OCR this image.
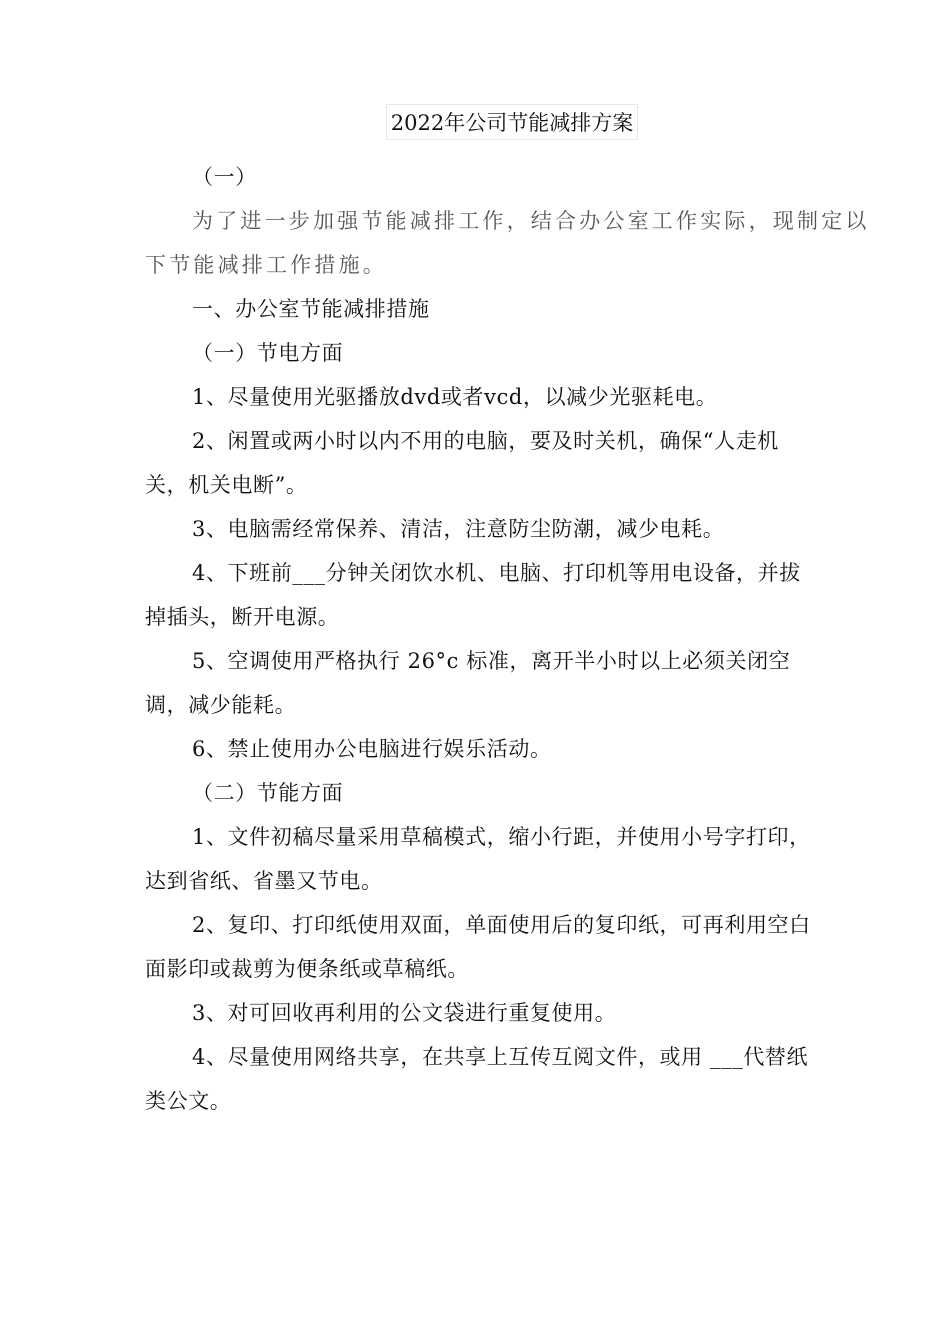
2022年公司节能减排方案
（一）
为了进一步加强节能减排工作，结合办公室工作实际，现制定以
下节能减排工作措施。
一、办公室节能减排措施
（一）节电方面
1、尽量使用光驱播放dvd或者vcd，以减少光驱耗电。
2、闲置或两小时以内不用的电脑，要及时关机，确保“人走机
关，机关电断”。
3、电脑需经常保养、清洁，注意防尘防潮，减少电耗。
4、下班前___分钟关闭饮水机、电脑、打印机等用电设备，并拔
掉插头，断开电源。
5、空调使用严格执行 26°c 标准，离开半小时以上必须关闭空
调，减少能耗。
6、禁止使用办公电脑进行娱乐活动。
（二）节能方面
1、文件初稿尽量采用草稿模式，缩小行距，并使用小号字打印，
达到省纸、省墨又节电。
2、复印、打印纸使用双面，单面使用后的复印纸，可再利用空白
面影印或裁剪为便条纸或草稿纸。
3、对可回收再利用的公文袋进行重复使用。
4、尽量使用网络共享，在共享上互传互阅文件，或用 ___代替纸
类公文。
